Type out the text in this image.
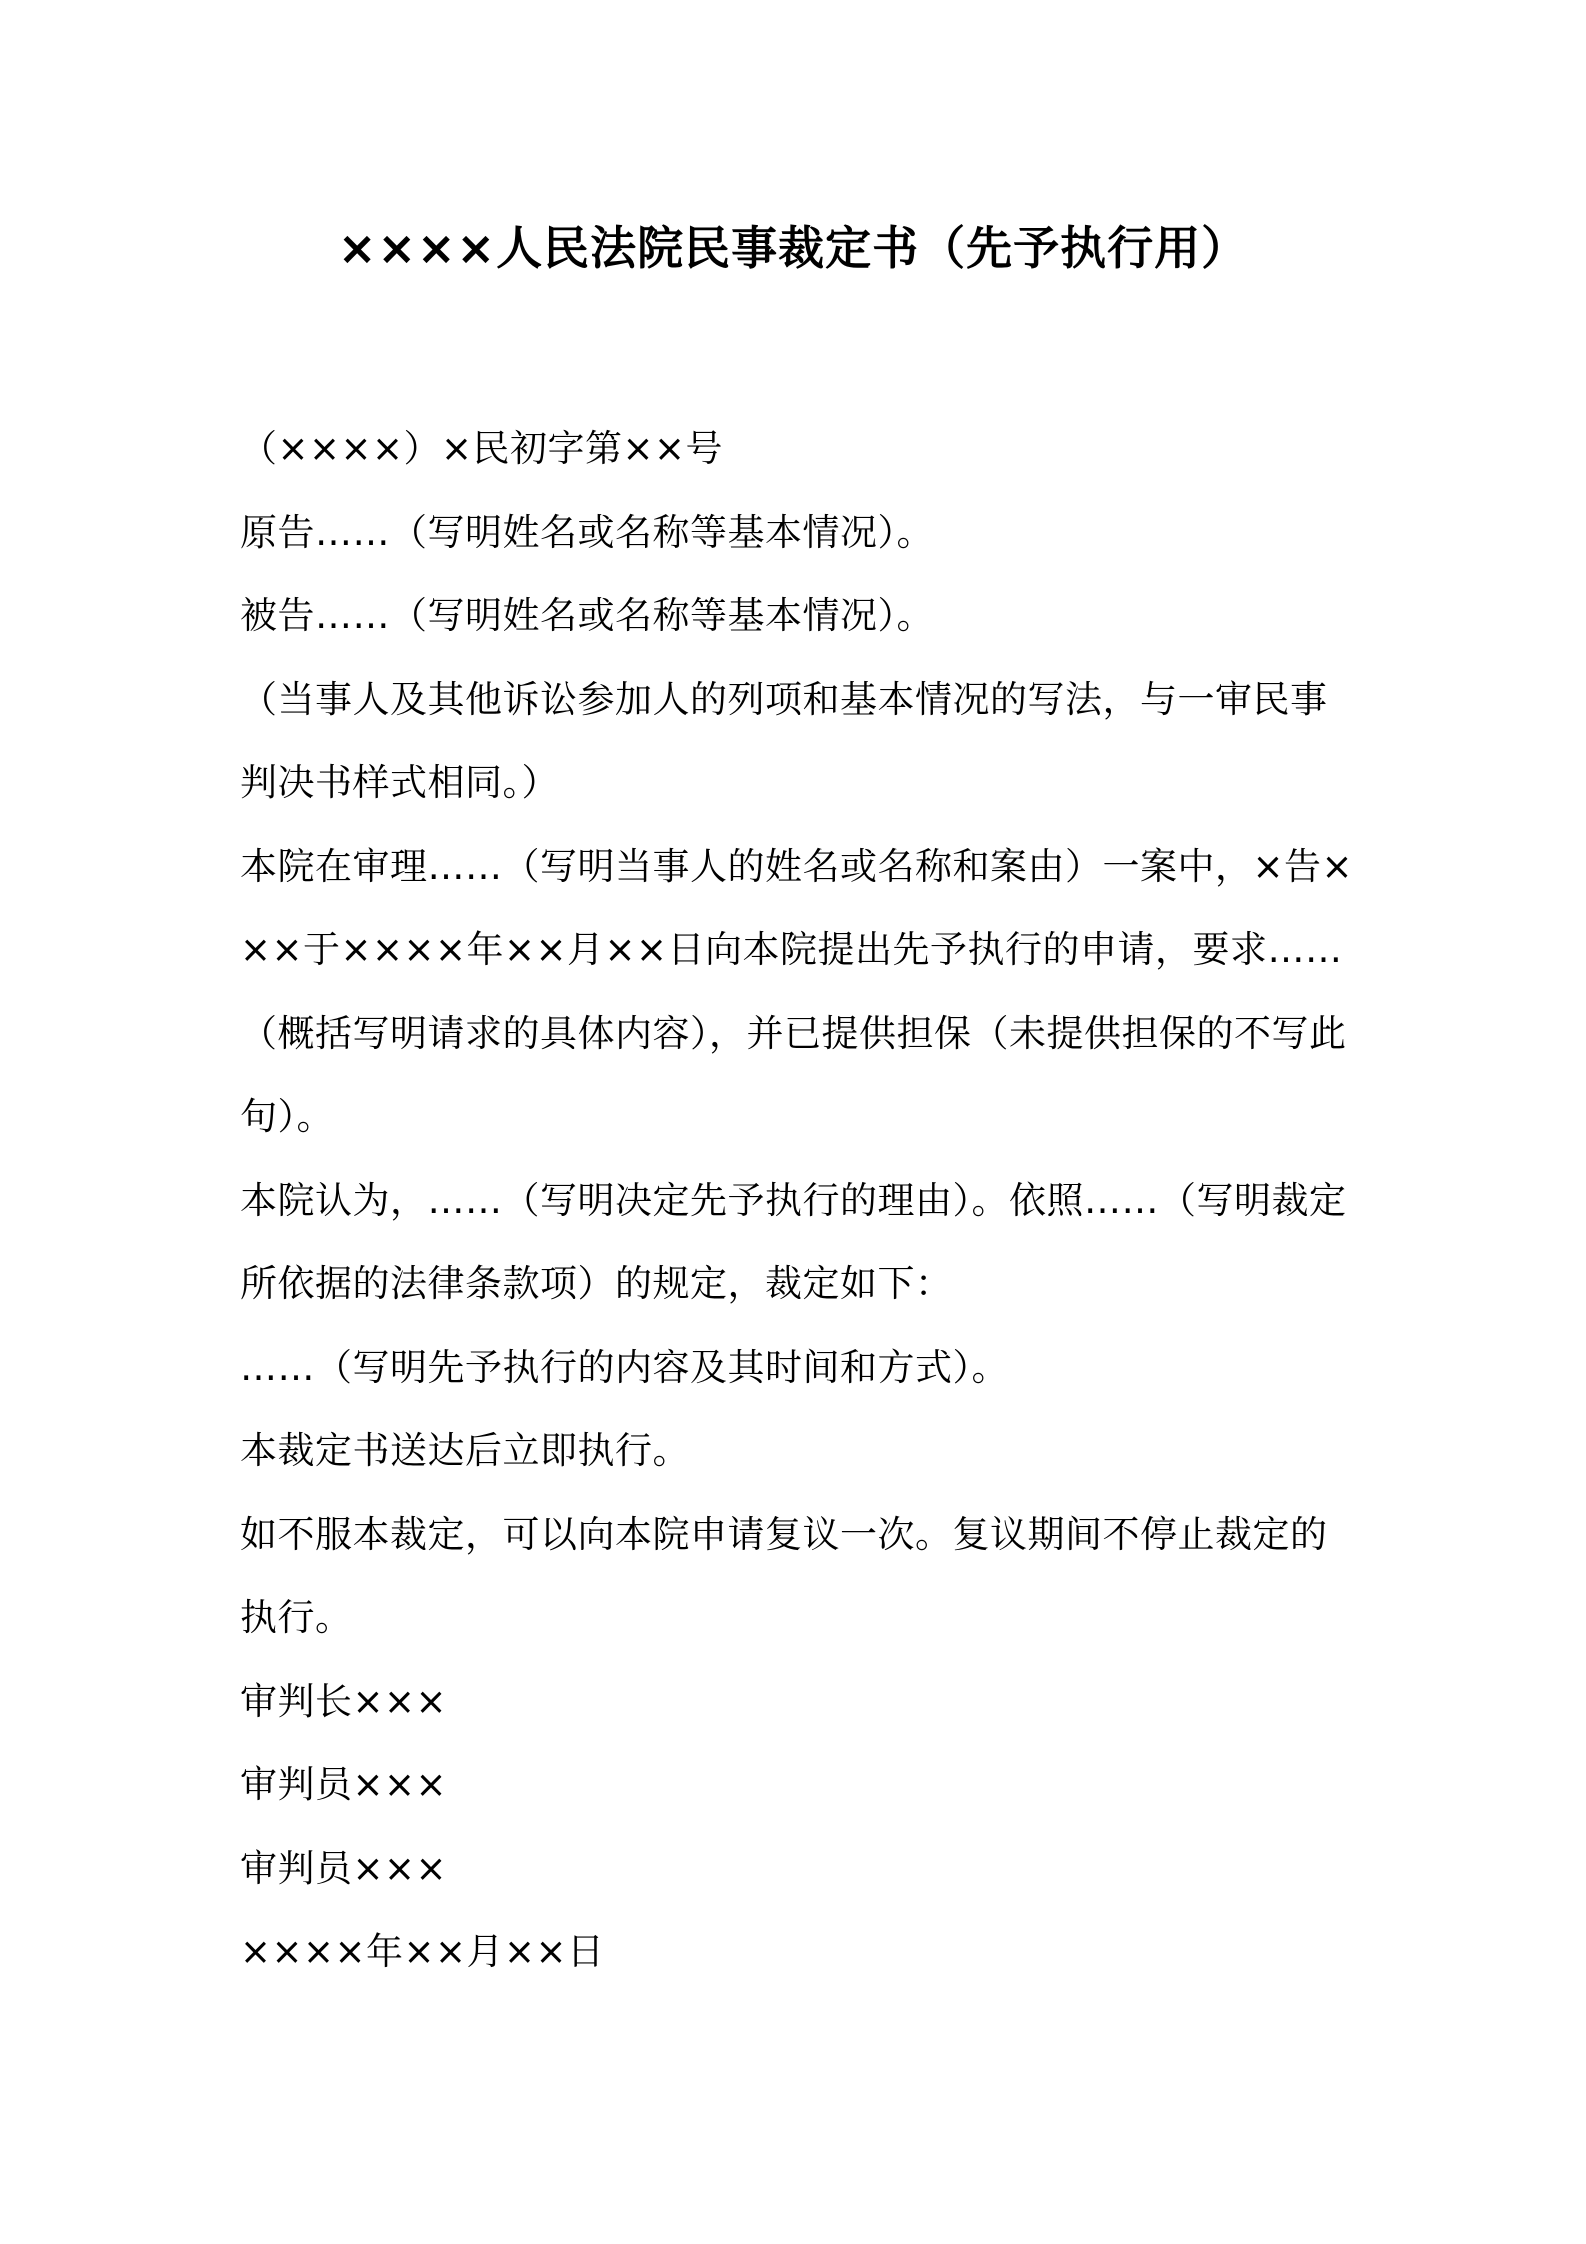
××××人民法院民事裁定书（先予执行用）

（××××）×民初字第××号

原告……（写明姓名或名称等基本情况）。

被告……（写明姓名或名称等基本情况）。

（当事人及其他诉讼参加人的列项和基本情况的写法，与一审民事判决书样式相同。）

本院在审理……（写明当事人的姓名或名称和案由）一案中，×告×××于××××年××月××日向本院提出先予执行的申请，要求……（概括写明请求的具体内容），并已提供担保（未提供担保的不写此句）。

本院认为，……（写明决定先予执行的理由）。依照……（写明裁定所依据的法律条款项）的规定，裁定如下：

……（写明先予执行的内容及其时间和方式）。

本裁定书送达后立即执行。

如不服本裁定，可以向本院申请复议一次。复议期间不停止裁定的执行。

审判长×××

审判员×××

审判员×××

××××年××月××日
